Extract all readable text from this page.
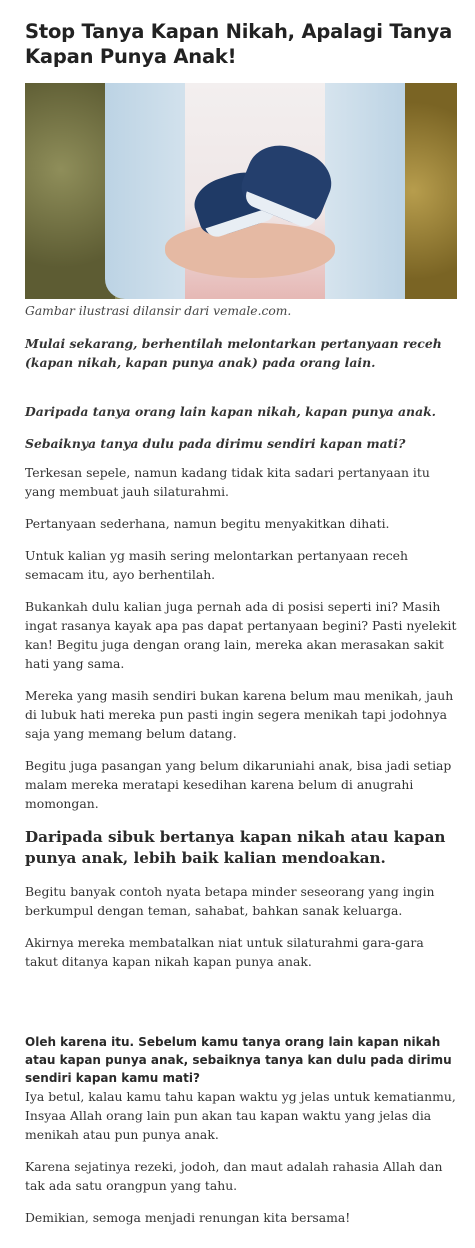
Stop Tanya Kapan Nikah, Apalagi Tanya Kapan Punya Anak!

Gambar ilustrasi dilansir dari vemale.com.

Mulai sekarang, berhentilah melontarkan pertanyaan receh (kapan nikah, kapan punya anak) pada orang lain.

Daripada tanya orang lain kapan nikah, kapan punya anak.

Sebaiknya tanya dulu pada dirimu sendiri kapan mati?

Terkesan sepele, namun kadang tidak kita sadari pertanyaan itu yang membuat jauh silaturahmi.

Pertanyaan sederhana, namun begitu menyakitkan dihati.

Untuk kalian yg masih sering melontarkan pertanyaan receh semacam itu, ayo berhentilah.

Bukankah dulu kalian juga pernah ada di posisi seperti ini? Masih ingat rasanya kayak apa pas dapat pertanyaan begini? Pasti nyelekit kan! Begitu juga dengan orang lain, mereka akan merasakan sakit hati yang sama.

Mereka yang masih sendiri bukan karena belum mau menikah, jauh di lubuk hati mereka pun pasti ingin segera menikah tapi jodohnya saja yang memang belum datang.

Begitu juga pasangan yang belum dikaruniahi anak, bisa jadi setiap malam mereka meratapi kesedihan karena belum di anugrahi momongan.

Daripada sibuk bertanya kapan nikah atau kapan punya anak, lebih baik kalian mendoakan.

Begitu banyak contoh nyata betapa minder seseorang yang ingin berkumpul dengan teman, sahabat, bahkan sanak keluarga.

Akirnya mereka membatalkan niat untuk silaturahmi gara-gara takut ditanya kapan nikah kapan punya anak.

Oleh karena itu. Sebelum kamu tanya orang lain kapan nikah atau kapan punya anak, sebaiknya tanya kan dulu pada dirimu sendiri kapan kamu mati?

Iya betul, kalau kamu tahu kapan waktu yg jelas untuk kematianmu, Insyaa Allah orang lain pun akan tau kapan waktu yang jelas dia menikah atau pun punya anak.

Karena sejatinya rezeki, jodoh, dan maut adalah rahasia Allah dan tak ada satu orangpun yang tahu.

Demikian, semoga menjadi renungan kita bersama!
